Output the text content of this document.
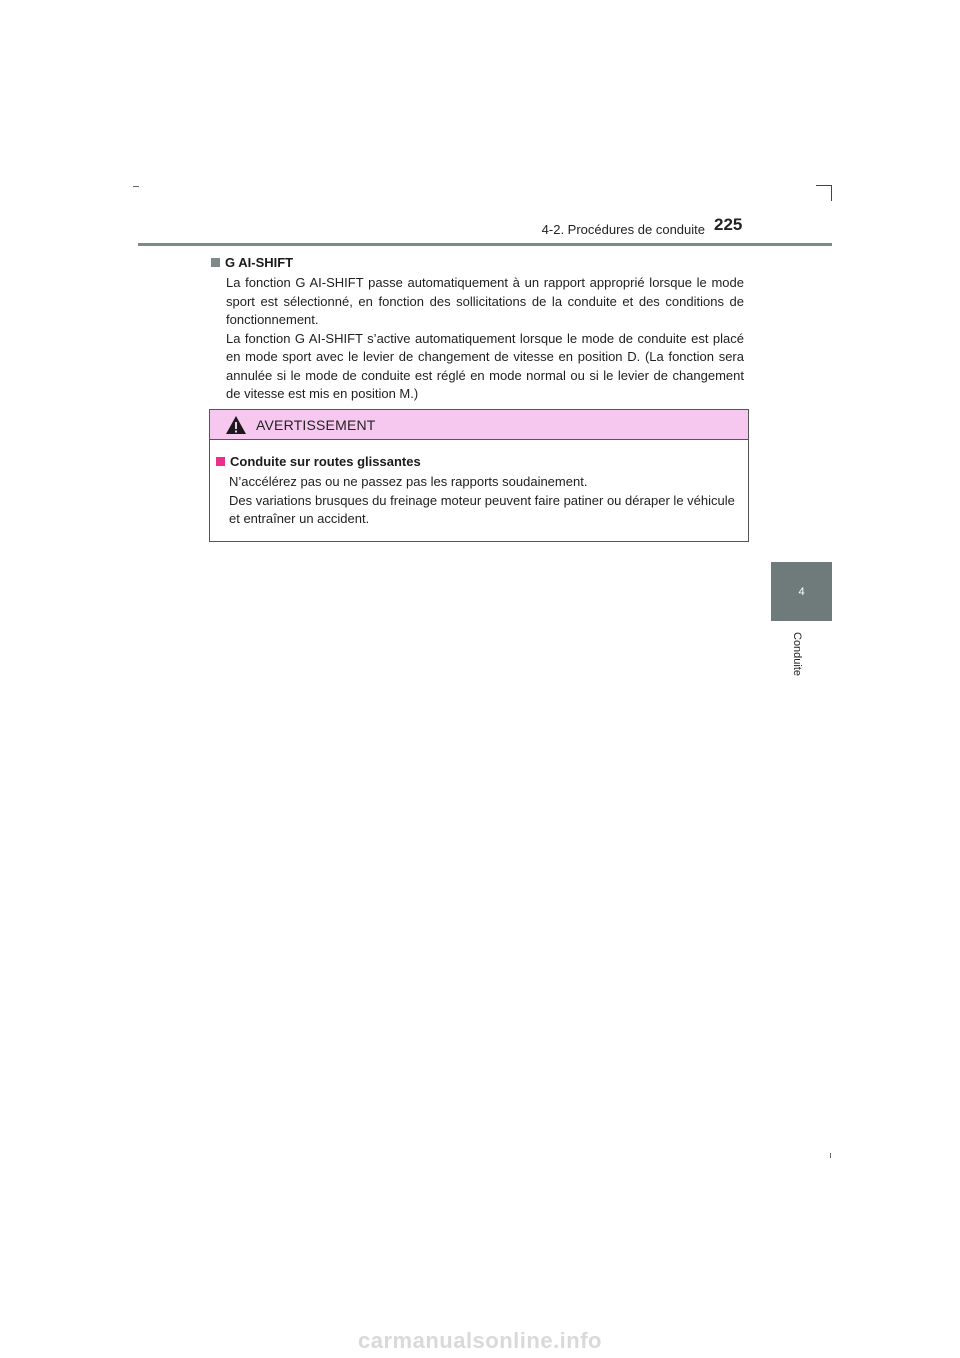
4-2. Procédures de conduite 225
4
Conduite
G AI-SHIFT

La fonction G AI-SHIFT passe automatiquement à un rapport approprié lorsque le mode sport est sélectionné, en fonction des sollicitations de la conduite et des conditions de fonctionnement.

La fonction G AI-SHIFT s’active automatiquement lorsque le mode de conduite est placé en mode sport avec le levier de changement de vitesse en position D. (La fonction sera annulée si le mode de conduite est réglé en mode normal ou si le levier de changement de vitesse est mis en position M.)

AVERTISSEMENT
Conduite sur routes glissantes

N’accélérez pas ou ne passez pas les rapports soudainement.

Des variations brusques du freinage moteur peuvent faire patiner ou déraper le véhicule et entraîner un accident.

carmanualsonline.info
